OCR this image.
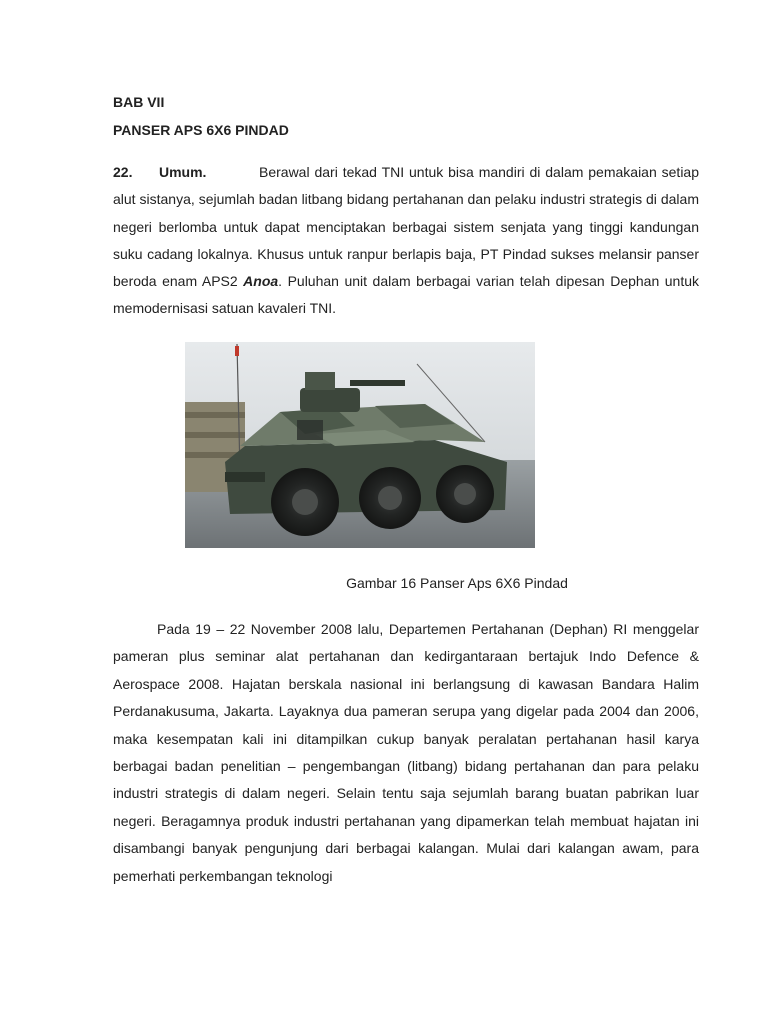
BAB VII

PANSER APS 6X6 PINDAD

22. Umum.	Berawal dari tekad TNI untuk bisa mandiri di dalam pemakaian setiap alut sistanya, sejumlah badan litbang bidang pertahanan dan pelaku industri strategis di dalam negeri berlomba untuk dapat menciptakan berbagai sistem senjata yang tinggi kandungan suku cadang lokalnya. Khusus untuk ranpur berlapis baja, PT Pindad sukses melansir panser beroda enam APS2 Anoa. Puluhan unit dalam berbagai varian telah dipesan Dephan untuk memodernisasi satuan kavaleri TNI.

Gambar 16 Panser Aps 6X6 Pindad

Pada 19 – 22 November 2008 lalu, Departemen Pertahanan (Dephan) RI menggelar pameran plus seminar alat pertahanan dan kedirgantaraan bertajuk Indo Defence & Aerospace 2008. Hajatan berskala nasional ini berlangsung di kawasan Bandara Halim Perdanakusuma, Jakarta. Layaknya dua pameran serupa yang digelar pada 2004 dan 2006, maka kesempatan kali ini ditampilkan cukup banyak peralatan pertahanan hasil karya berbagai badan penelitian – pengembangan (litbang) bidang pertahanan dan para pelaku industri strategis di dalam negeri. Selain tentu saja sejumlah barang buatan pabrikan luar negeri. Beragamnya produk industri pertahanan yang dipamerkan telah membuat hajatan ini disambangi banyak pengunjung dari berbagai kalangan. Mulai dari kalangan awam, para pemerhati perkembangan teknologi
